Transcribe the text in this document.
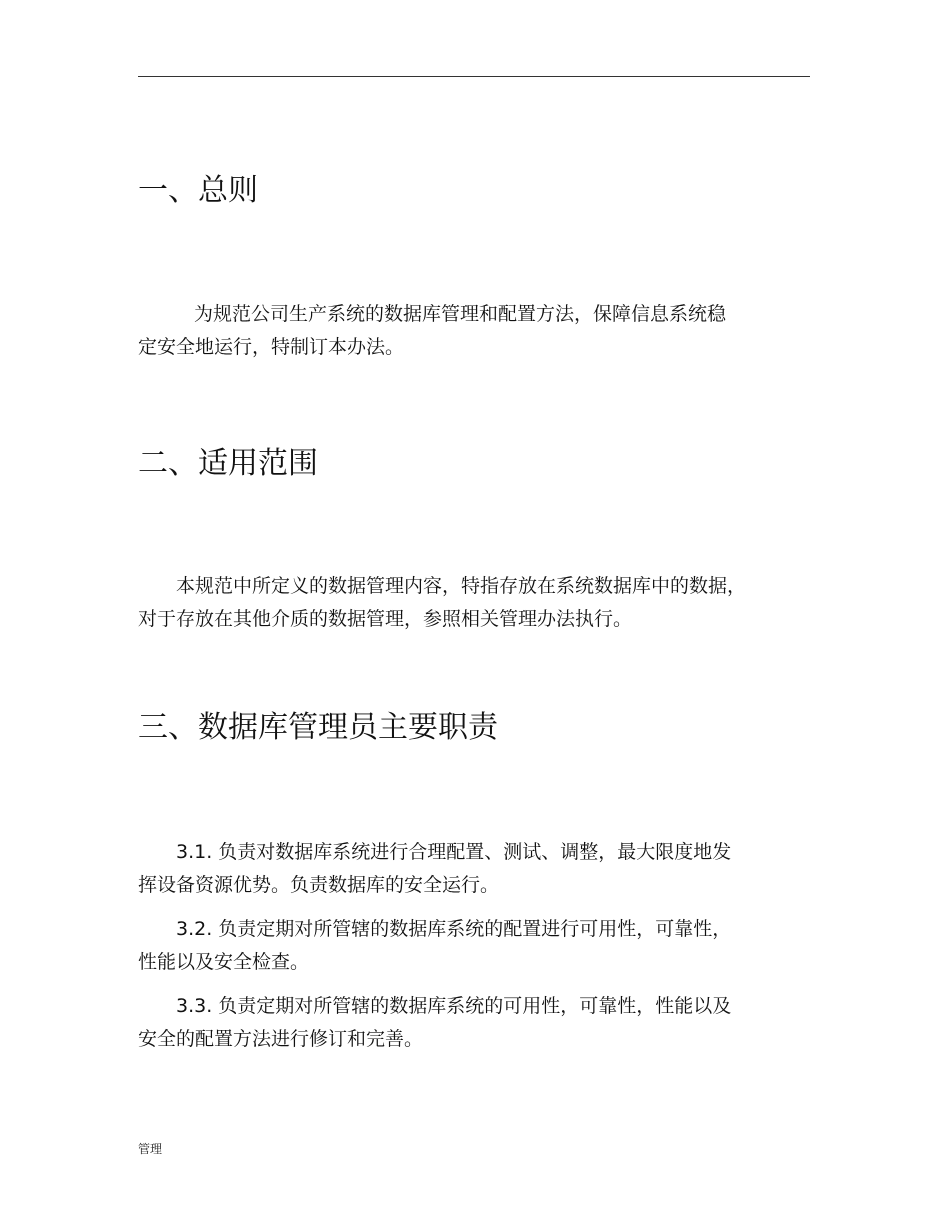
一、总则

为规范公司生产系统的数据库管理和配置方法，保障信息系统稳
定安全地运行，特制订本办法。

二、适用范围

本规范中所定义的数据管理内容，特指存放在系统数据库中的数据，
对于存放在其他介质的数据管理，参照相关管理办法执行。

三、数据库管理员主要职责

3.1. 负责对数据库系统进行合理配置、测试、调整，最大限度地发
挥设备资源优势。负责数据库的安全运行。

3.2. 负责定期对所管辖的数据库系统的配置进行可用性，可靠性，
性能以及安全检查。

3.3. 负责定期对所管辖的数据库系统的可用性，可靠性，性能以及
安全的配置方法进行修订和完善。

管理
